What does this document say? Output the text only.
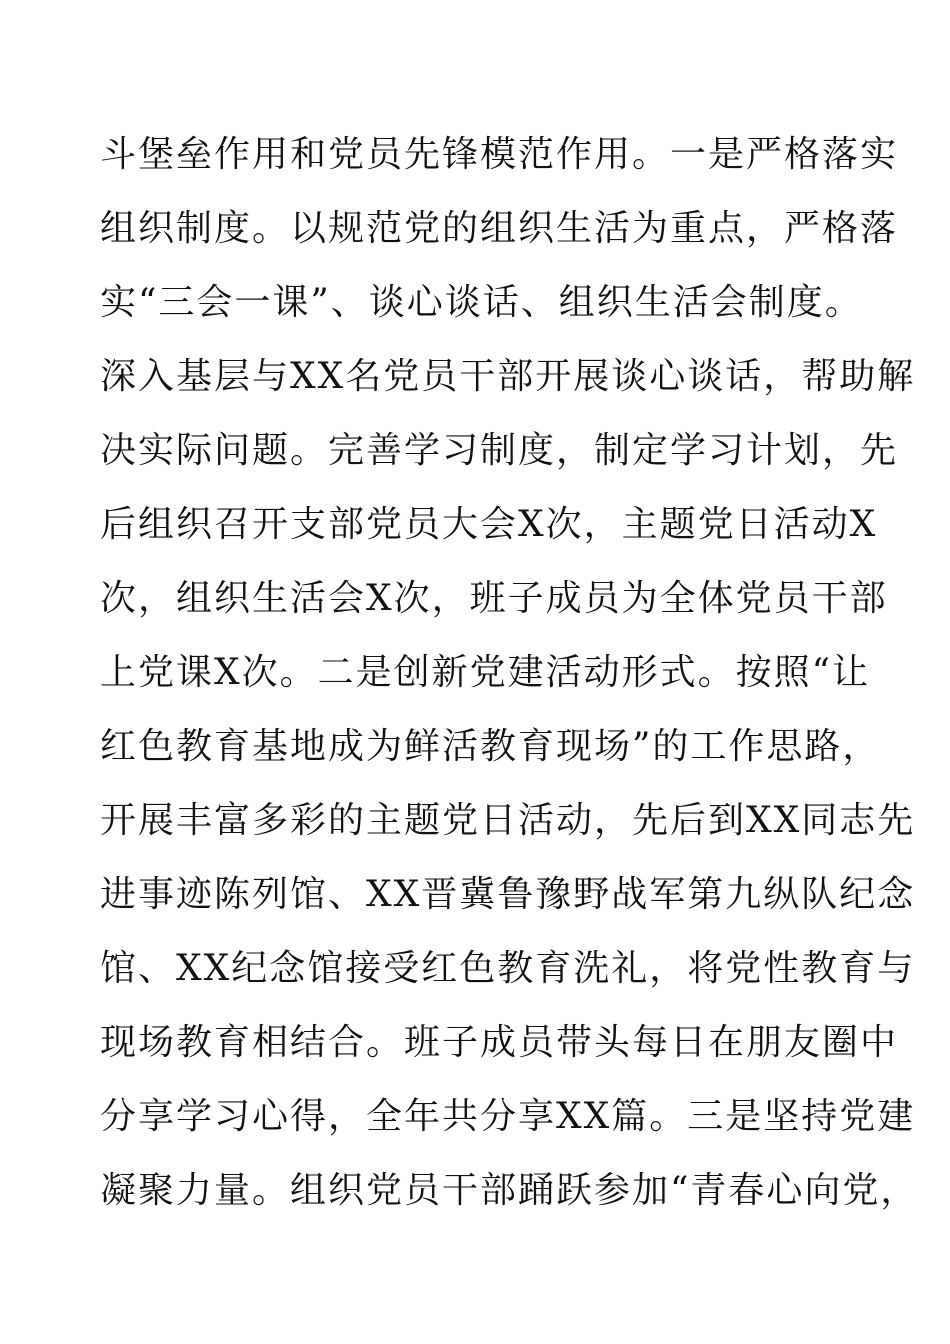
斗堡垒作用和党员先锋模范作用。一是严格落实
组织制度。以规范党的组织生活为重点，严格落
实“三会一课”、谈心谈话、组织生活会制度。
深入基层与XX名党员干部开展谈心谈话，帮助解
决实际问题。完善学习制度，制定学习计划，先
后组织召开支部党员大会X次，主题党日活动X
次，组织生活会X次，班子成员为全体党员干部
上党课X次。二是创新党建活动形式。按照“让
红色教育基地成为鲜活教育现场”的工作思路，
开展丰富多彩的主题党日活动，先后到XX同志先
进事迹陈列馆、XX晋冀鲁豫野战军第九纵队纪念
馆、XX纪念馆接受红色教育洗礼，将党性教育与
现场教育相结合。班子成员带头每日在朋友圈中
分享学习心得，全年共分享XX篇。三是坚持党建
凝聚力量。组织党员干部踊跃参加“青春心向党，
